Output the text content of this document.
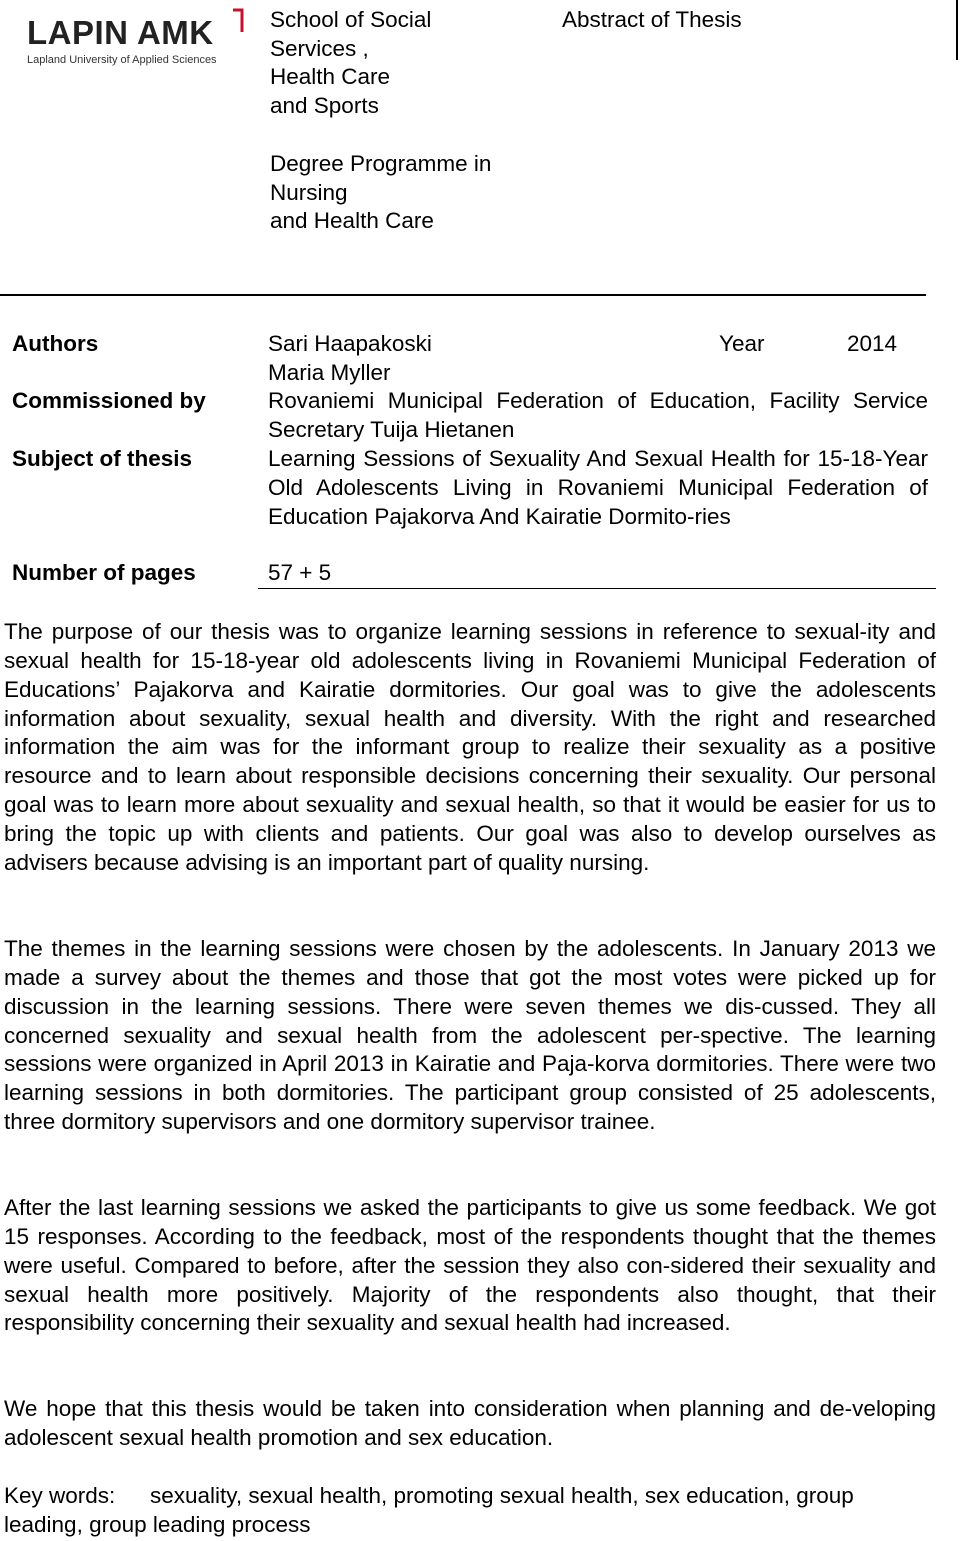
LAPIN AMK
Lapland University of Applied Sciences
School of Social
Services ,
Health Care
and Sports
Degree Programme in
Nursing
and Health Care
Abstract of Thesis
Authors	Sari Haapakoski
Maria Myller
Year	2014
Commissioned by	Rovaniemi Municipal Federation of Education, Facility Service Secretary Tuija Hietanen
Subject of thesis	Learning Sessions of Sexuality And Sexual Health for 15-18-Year Old Adolescents Living in Rovaniemi Municipal Federation of Education Pajakorva And Kairatie Dormito-ries
Number of pages	57 + 5
The purpose of our thesis was to organize learning sessions in reference to sexual-ity and sexual health for 15-18-year old adolescents living in Rovaniemi Municipal Federation of Educations’ Pajakorva and Kairatie dormitories. Our goal was to give the adolescents information about sexuality, sexual health and diversity. With the right and researched information the aim was for the informant group to realize their sexuality as a positive resource and to learn about responsible decisions concerning their sexuality. Our personal goal was to learn more about sexuality and sexual health, so that it would be easier for us to bring the topic up with clients and patients. Our goal was also to develop ourselves as advisers because advising is an important part of quality nursing.
The themes in the learning sessions were chosen by the adolescents. In January 2013 we made a survey about the themes and those that got the most votes were picked up for discussion in the learning sessions. There were seven themes we dis-cussed. They all concerned sexuality and sexual health from the adolescent per-spective. The learning sessions were organized in April 2013 in Kairatie and Paja-korva dormitories. There were two learning sessions in both dormitories. The participant group consisted of 25 adolescents, three dormitory supervisors and one dormitory supervisor trainee.
After the last learning sessions we asked the participants to give us some feedback. We got 15 responses. According to the feedback, most of the respondents thought that the themes were useful. Compared to before, after the session they also con-sidered their sexuality and sexual health more positively. Majority of the respondents also thought, that their responsibility concerning their sexuality and sexual health had increased.
We hope that this thesis would be taken into consideration when planning and de-veloping adolescent sexual health promotion and sex education.
Key words: sexuality, sexual health, promoting sexual health, sex education, group leading, group leading process
